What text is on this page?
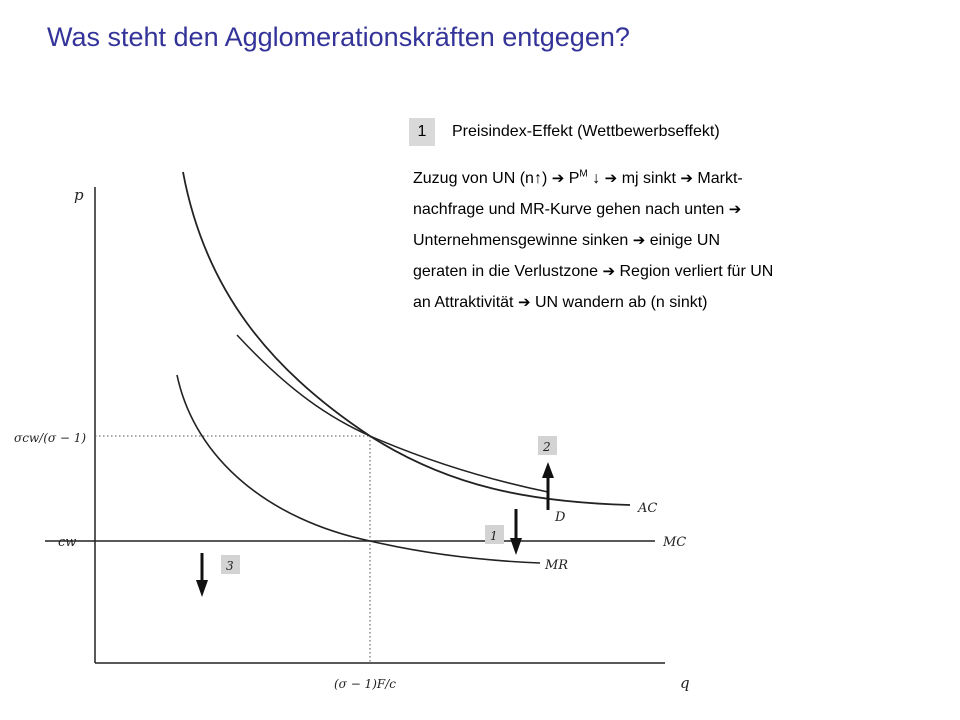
Was steht den Agglomerationskräften entgegen?
1	Preisindex-Effekt (Wettbewerbseffekt)
Zuzug von UN (n↑) ➔ $P^M$ ↓ ➔ mj sinkt ➔ Markt-
nachfrage und MR-Kurve gehen nach unten ➔
Unternehmensgewinne sinken ➔ einige UN
geraten in die Verlustzone ➔ Region verliert für UN
an Attraktivität ➔ UN wandern ab (n sinkt)
p
q
σcw/(σ − 1)
cw
(σ − 1)F/c
AC
D
MC
MR
2
1
3
